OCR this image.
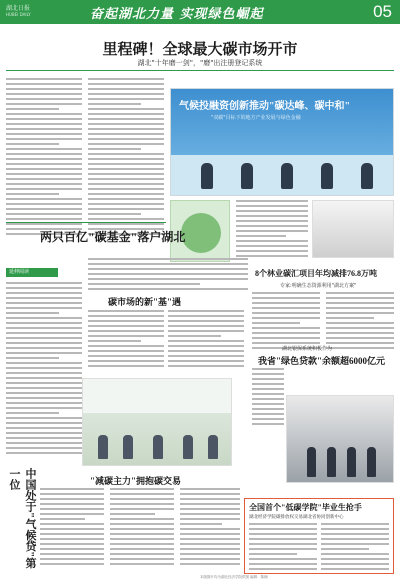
湖北日报
HUBEI DAILY	奋起湖北力量 实现绿色崛起	05
里程碑！全球最大碳市场开市
湖北"十年磨一剑"，"磨"出注册登记系统
气候投融资创新推动"碳达峰、碳中和"
"双碳"目标下的地方产业发展与绿色金融
两只百亿"碳基金"落户湖北
延伸阅读
碳市场的新"基"遇
8个林业碳汇项目年均减排76.8万吨
专家:明确生态资源利用"湖北方案"
湖北银保系统积极作为
我省"绿色贷款"余额超6000亿元
"减碳主力"拥抱碳交易
中国处于"气候贷"第一位
全国首个"低碳学院"毕业生抢手
湖北经济学院碳排放权交易湖北省协同创新中心
本版图片均为湖北经济学院供图 编辑：陈楠
